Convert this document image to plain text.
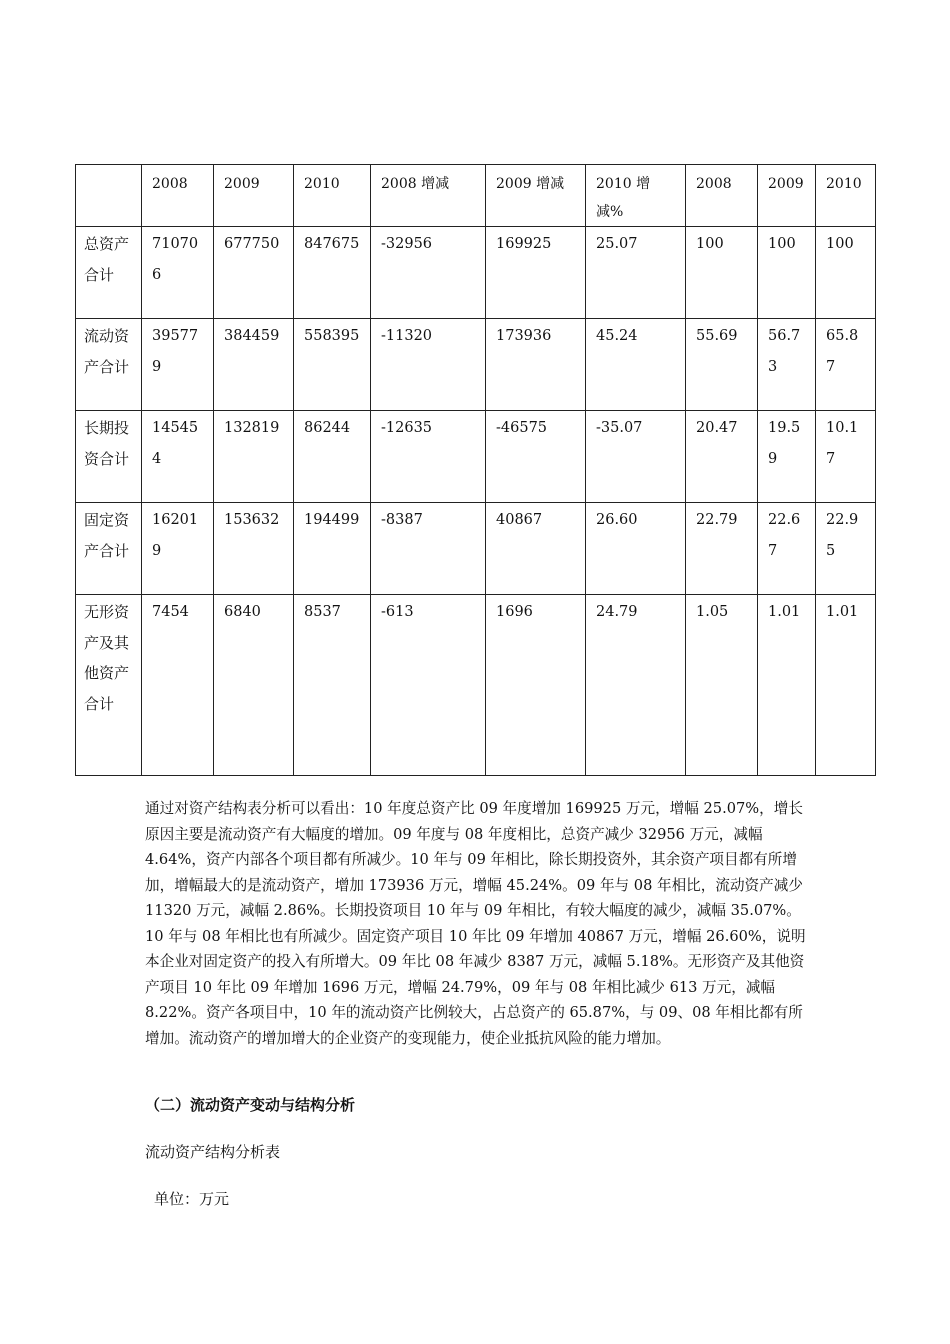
	2008	2009	2010	2008 增减	2009 增减	2010 增减%	2008	2009	2010
总资产合计	710706	677750	847675	-32956	169925	25.07	100	100	100
流动资产合计	395779	384459	558395	-11320	173936	45.24	55.69	56.73	65.87
长期投资合计	145454	132819	86244	-12635	-46575	-35.07	20.47	19.59	10.17
固定资产合计	162019	153632	194499	-8387	40867	26.60	22.79	22.67	22.95
无形资产及其他资产合计	7454	6840	8537	-613	1696	24.79	1.05	1.01	1.01

通过对资产结构表分析可以看出：10 年度总资产比 09 年度增加 169925 万元，增幅 25.07%，增长原因主要是流动资产有大幅度的增加。09 年度与 08 年度相比，总资产减少 32956 万元，减幅 4.64%，资产内部各个项目都有所减少。10 年与 09 年相比，除长期投资外，其余资产项目都有所增加，增幅最大的是流动资产，增加 173936 万元，增幅 45.24%。09 年与 08 年相比，流动资产减少 11320 万元，减幅 2.86%。长期投资项目 10 年与 09 年相比，有较大幅度的减少，减幅 35.07%。10 年与 08 年相比也有所减少。固定资产项目 10 年比 09 年增加 40867 万元，增幅 26.60%，说明本企业对固定资产的投入有所增大。09 年比 08 年减少 8387 万元，减幅 5.18%。无形资产及其他资产项目 10 年比 09 年增加 1696 万元，增幅 24.79%，09 年与 08 年相比减少 613 万元，减幅 8.22%。资产各项目中，10 年的流动资产比例较大，占总资产的 65.87%，与 09、08 年相比都有所增加。流动资产的增加增大的企业资产的变现能力，使企业抵抗风险的能力增加。

（二）流动资产变动与结构分析

流动资产结构分析表

单位：万元
